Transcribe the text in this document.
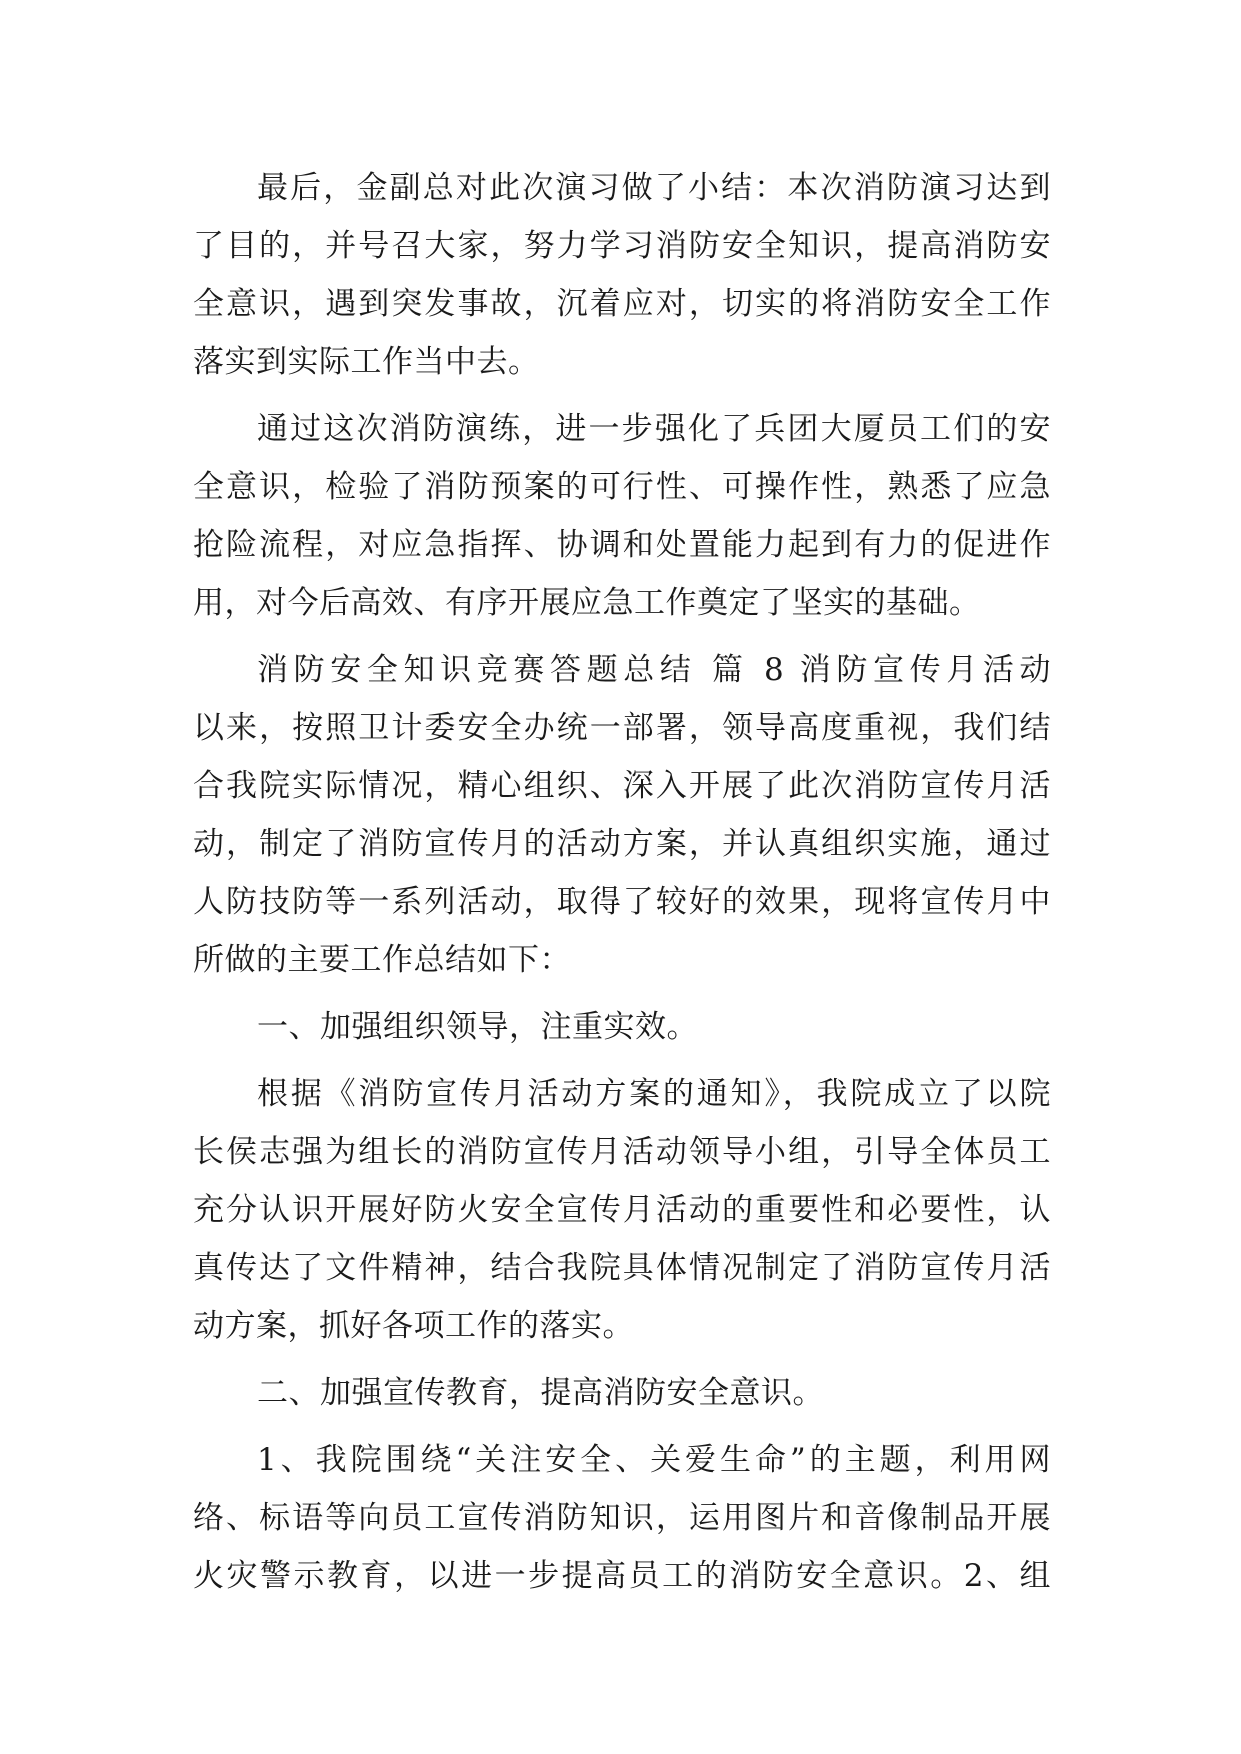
最后，金副总对此次演习做了小结：本次消防演习达到
了目的，并号召大家，努力学习消防安全知识，提高消防安
全意识，遇到突发事故，沉着应对，切实的将消防安全工作
落实到实际工作当中去。
通过这次消防演练，进一步强化了兵团大厦员工们的安
全意识，检验了消防预案的可行性、可操作性，熟悉了应急
抢险流程，对应急指挥、协调和处置能力起到有力的促进作
用，对今后高效、有序开展应急工作奠定了坚实的基础。
消防安全知识竞赛答题总结 篇 8 消防宣传月活动
以来，按照卫计委安全办统一部署，领导高度重视，我们结
合我院实际情况，精心组织、深入开展了此次消防宣传月活
动，制定了消防宣传月的活动方案，并认真组织实施，通过
人防技防等一系列活动，取得了较好的效果，现将宣传月中
所做的主要工作总结如下：
一、加强组织领导，注重实效。
根据《消防宣传月活动方案的通知》，我院成立了以院
长侯志强为组长的消防宣传月活动领导小组，引导全体员工
充分认识开展好防火安全宣传月活动的重要性和必要性，认
真传达了文件精神，结合我院具体情况制定了消防宣传月活
动方案，抓好各项工作的落实。
二、加强宣传教育，提高消防安全意识。
1、我院围绕“关注安全、关爱生命”的主题，利用网
络、标语等向员工宣传消防知识，运用图片和音像制品开展
火灾警示教育，以进一步提高员工的消防安全意识。2、组
